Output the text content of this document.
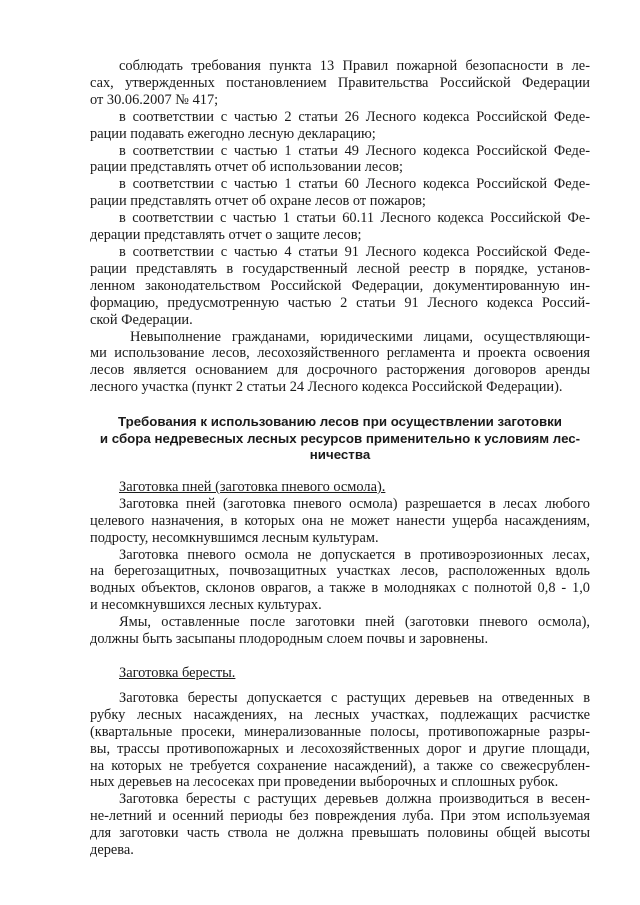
соблюдать требования пункта 13 Правил пожарной безопасности в ле-
сах, утвержденных постановлением Правительства Российской Федерации
от 30.06.2007 № 417;
в соответствии с частью 2 статьи 26 Лесного кодекса Российской Феде-
рации подавать ежегодно лесную декларацию;
в соответствии с частью 1 статьи 49 Лесного кодекса Российской Феде-
рации представлять отчет об использовании лесов;
в соответствии с частью 1 статьи 60 Лесного кодекса Российской Феде-
рации представлять отчет об охране лесов от пожаров;
в соответствии с частью 1 статьи 60.11 Лесного кодекса Российской Фе-
дерации представлять отчет о защите лесов;
в соответствии с частью 4 статьи 91 Лесного кодекса Российской Феде-
рации представлять в государственный лесной реестр в порядке, установ-
ленном законодательством Российской Федерации, документированную ин-
формацию, предусмотренную частью 2 статьи 91 Лесного кодекса Россий-
ской Федерации.
Невыполнение гражданами, юридическими лицами, осуществляющи-
ми использование лесов, лесохозяйственного регламента и проекта освоения
лесов является основанием для досрочного расторжения договоров аренды
лесного участка (пункт 2 статьи 24 Лесного кодекса Российской Федерации).
Требования к использованию лесов при осуществлении заготовки
и сбора недревесных лесных ресурсов применительно к условиям лес-
ничества
Заготовка пней (заготовка пневого осмола).
Заготовка пней (заготовка пневого осмола) разрешается в лесах любого
целевого назначения, в которых она не может нанести ущерба насаждениям,
подросту, несомкнувшимся лесным культурам.
Заготовка пневого осмола не допускается в противоэрозионных лесах,
на берегозащитных, почвозащитных участках лесов, расположенных вдоль
водных объектов, склонов оврагов, а также в молодняках с полнотой 0,8 - 1,0
и несомкнувшихся лесных культурах.
Ямы, оставленные после заготовки пней (заготовки пневого осмола),
должны быть засыпаны плодородным слоем почвы и заровнены.
Заготовка бересты.
Заготовка бересты допускается с растущих деревьев на отведенных в
рубку лесных насаждениях, на лесных участках, подлежащих расчистке
(квартальные просеки, минерализованные полосы, противопожарные разры-
вы, трассы противопожарных и лесохозяйственных дорог и другие площади,
на которых не требуется сохранение насаждений), а также со свежесрублен-
ных деревьев на лесосеках при проведении выборочных и сплошных рубок.
Заготовка бересты с растущих деревьев должна производиться в весен-
не-летний и осенний периоды без повреждения луба. При этом используемая
для заготовки часть ствола не должна превышать половины общей высоты
дерева.
